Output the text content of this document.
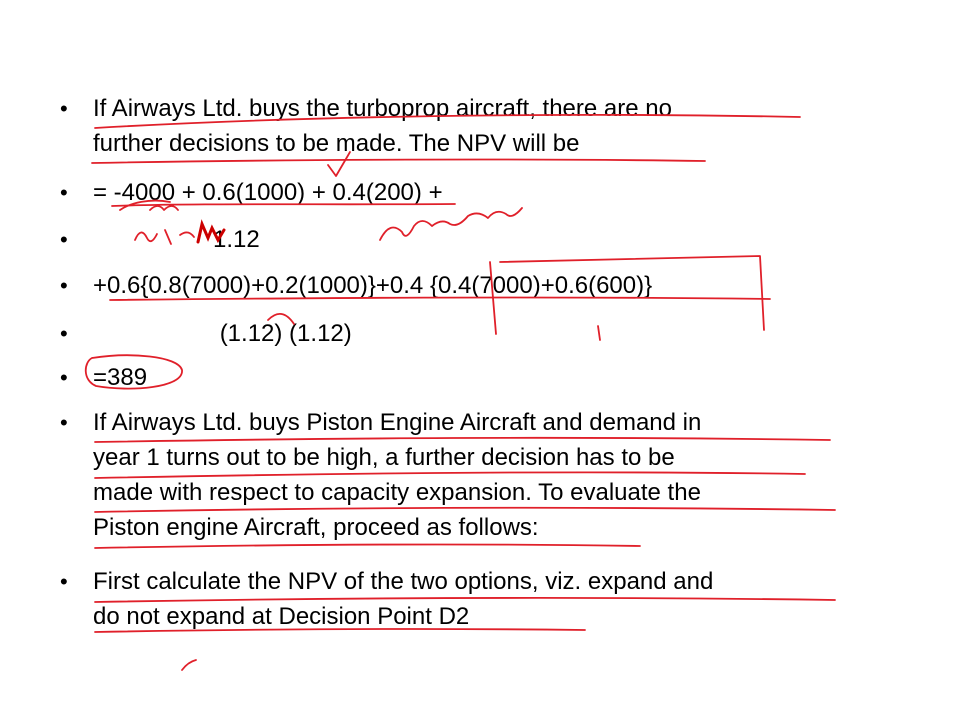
•	If Airways Ltd. buys the turboprop aircraft, there are no
further decisions to be made. The NPV will be
•	= -4000 + 0.6(1000) + 0.4(200) +
•	1.12
•	+0.6{0.8(7000)+0.2(1000)}+0.4 {0.4(7000)+0.6(600)}
•	(1.12) (1.12)
•	=389
•	If Airways Ltd. buys Piston Engine Aircraft and demand in
year 1 turns out to be high, a further decision has to be
made with respect to capacity expansion. To evaluate the
Piston engine Aircraft, proceed as follows:
•	First calculate the NPV of the two options, viz. expand and
do not expand at Decision Point D2
